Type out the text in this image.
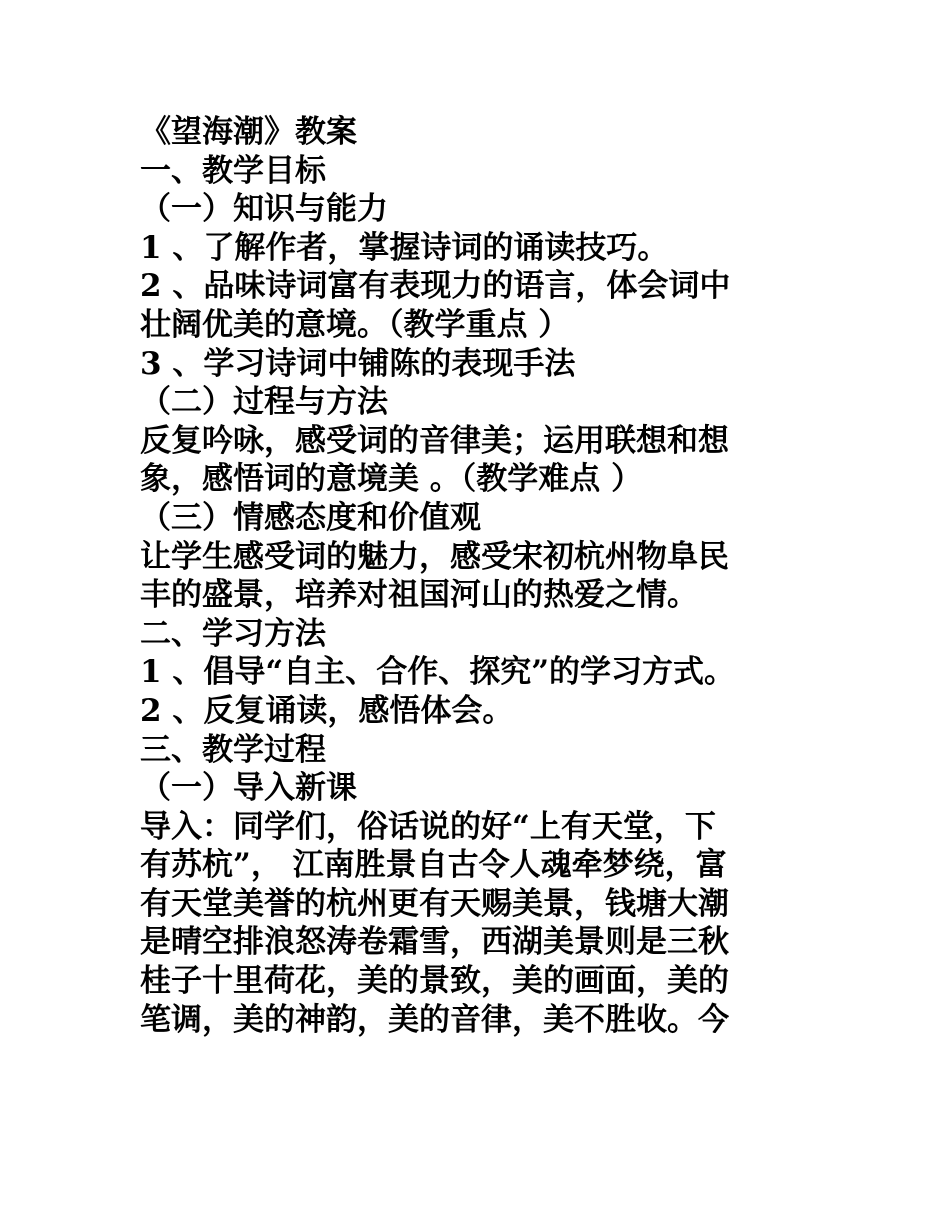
《望海潮》教案
一、教学目标
（一）知识与能力
1 、了解作者，掌握诗词的诵读技巧。
2 、品味诗词富有表现力的语言，体会词中
壮阔优美的意境。（教学重点 ）
3 、学习诗词中铺陈的表现手法
（二）过程与方法
反复吟咏，感受词的音律美；运用联想和想
象，感悟词的意境美 。（教学难点 ）
（三）情感态度和价值观
让学生感受词的魅力，感受宋初杭州物阜民
丰的盛景，培养对祖国河山的热爱之情。
二、学习方法
1 、倡导“自主、合作、探究”的学习方式。
2 、反复诵读，感悟体会。
三、教学过程
（一）导入新课
导入：同学们，俗话说的好“上有天堂，下
有苏杭”， 江南胜景自古令人魂牵梦绕，富
有天堂美誉的杭州更有天赐美景，钱塘大潮
是晴空排浪怒涛卷霜雪，西湖美景则是三秋
桂子十里荷花，美的景致，美的画面，美的
笔调，美的神韵，美的音律，美不胜收。今
